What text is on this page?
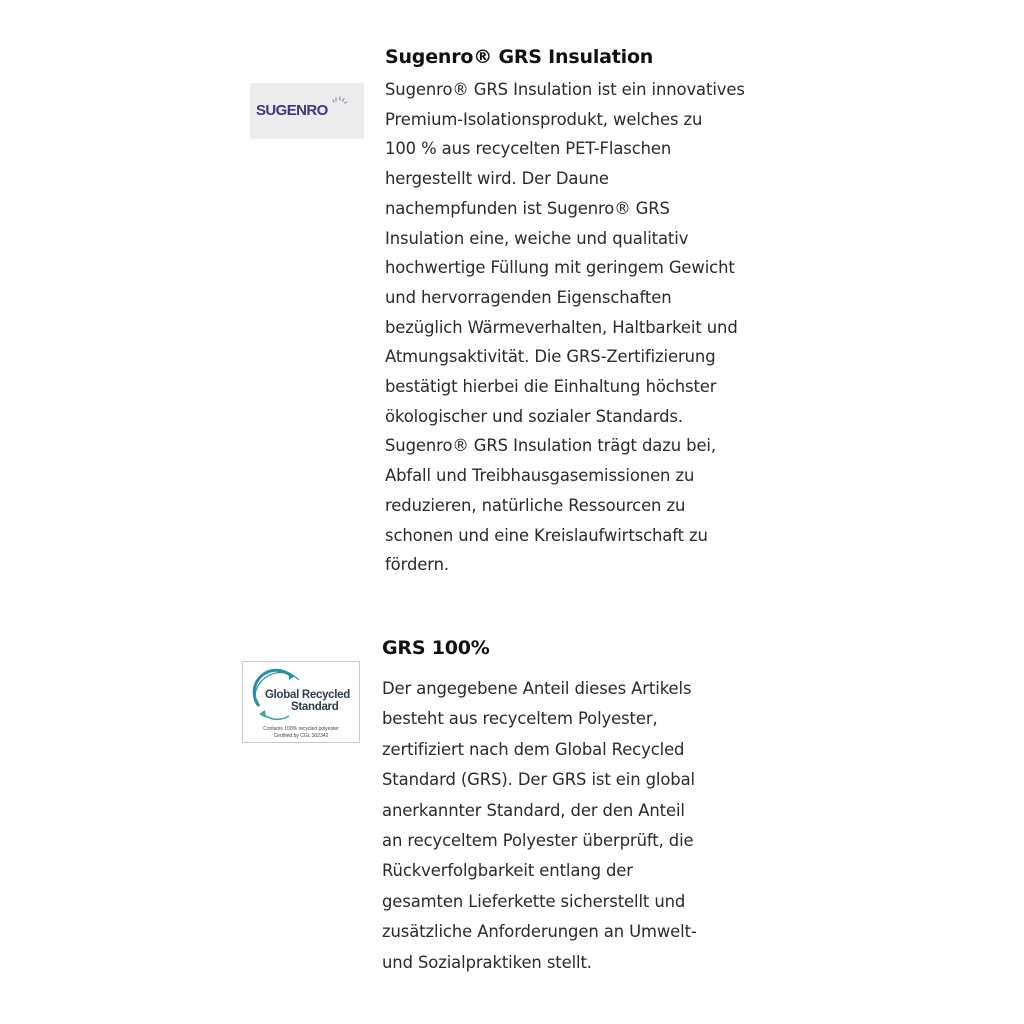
SUGENRO
Sugenro® GRS Insulation

Sugenro® GRS Insulation ist ein innovatives
Premium-Isolationsprodukt, welches zu
100 % aus recycelten PET-Flaschen
hergestellt wird. Der Daune
nachempfunden ist Sugenro® GRS
Insulation eine, weiche und qualitativ
hochwertige Füllung mit geringem Gewicht
und hervorragenden Eigenschaften
bezüglich Wärmeverhalten, Haltbarkeit und
Atmungsaktivität. Die GRS-Zertifizierung
bestätigt hierbei die Einhaltung höchster
ökologischer und sozialer Standards.
Sugenro® GRS Insulation trägt dazu bei,
Abfall und Treibhausgasemissionen zu
reduzieren, natürliche Ressourcen zu
schonen und eine Kreislaufwirtschaft zu
fördern.

Global Recycled
Standard
Contains 100% recycled polyester
Certified by CGL 302342
GRS 100%

Der angegebene Anteil dieses Artikels
besteht aus recyceltem Polyester,
zertifiziert nach dem Global Recycled
Standard (GRS). Der GRS ist ein global
anerkannter Standard, der den Anteil
an recyceltem Polyester überprüft, die
Rückverfolgbarkeit entlang der
gesamten Lieferkette sicherstellt und
zusätzliche Anforderungen an Umwelt-
und Sozialpraktiken stellt.
